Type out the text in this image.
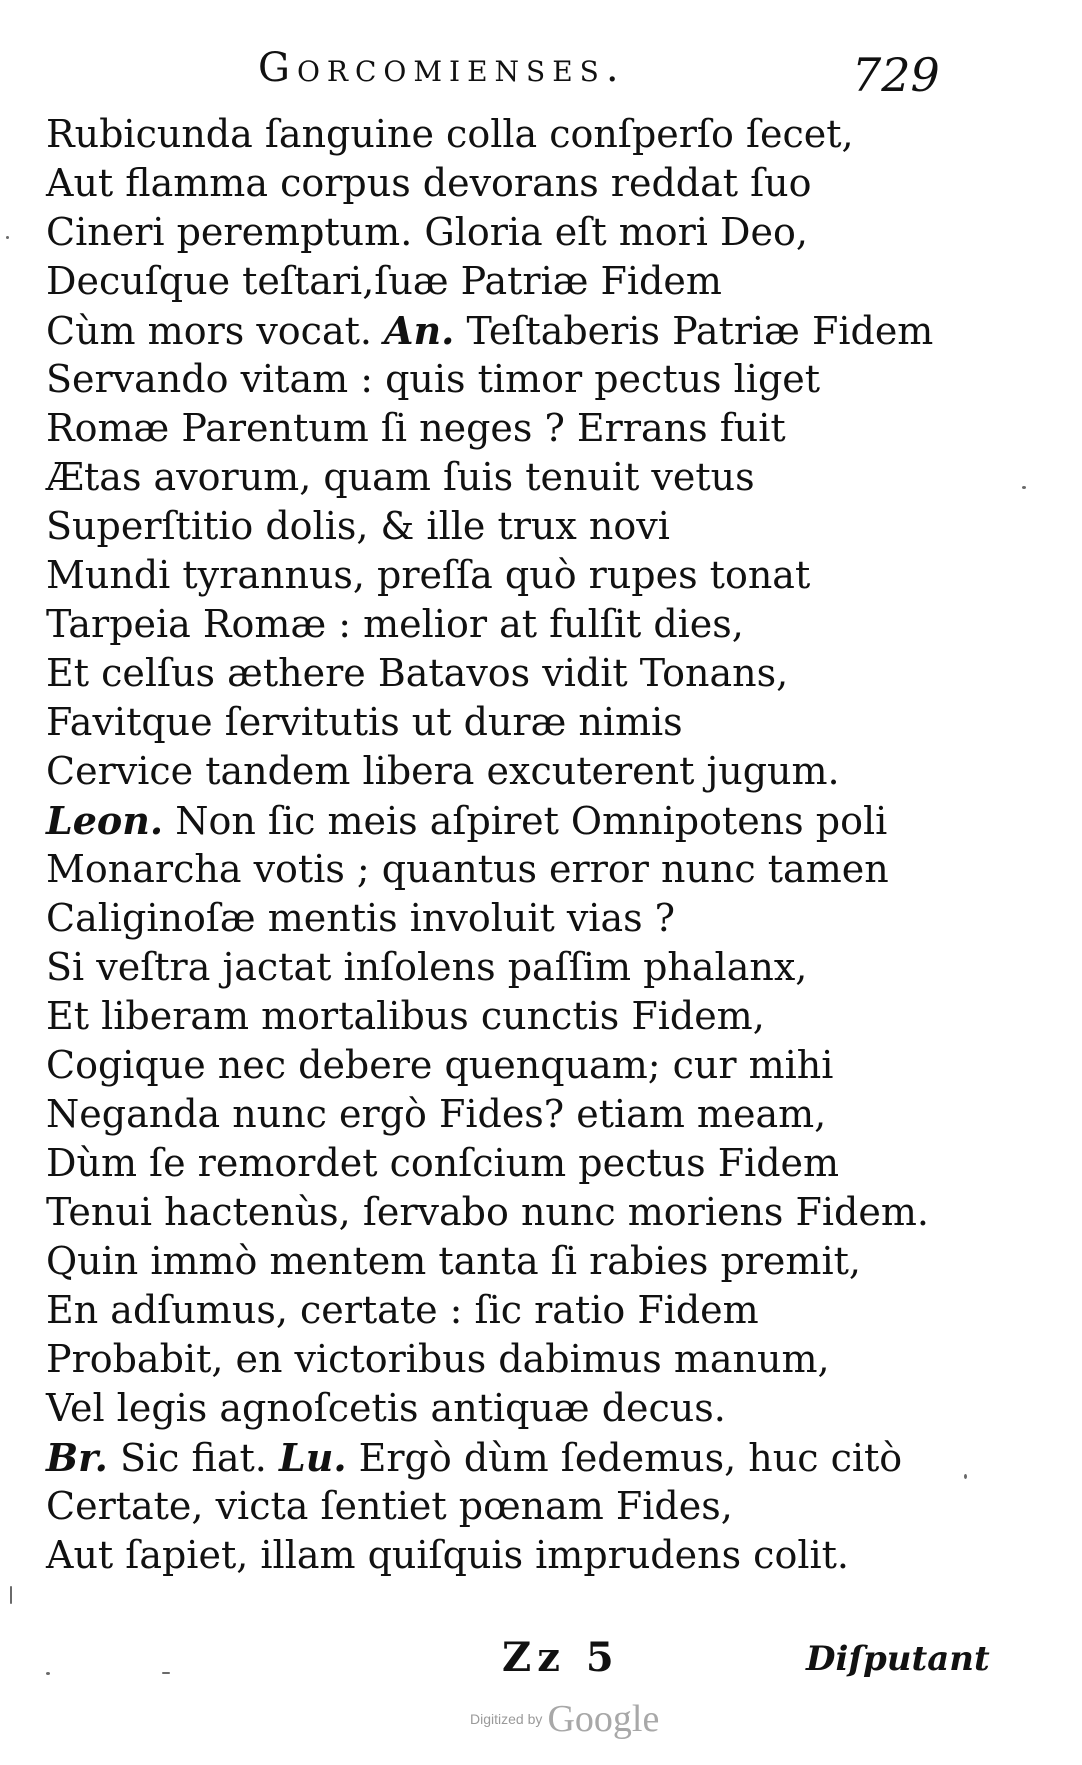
Gorcomienses.	729
Rubicunda ſanguine colla conſperſo ſecet,
Aut flamma corpus devorans reddat ſuo
Cineri peremptum. Gloria eſt mori Deo,
Decuſque teſtari,ſuæ Patriæ Fidem
Cùm mors vocat. An. Teſtaberis Patriæ Fidem
Servando vitam : quis timor pectus liget
Romæ Parentum ſi neges ? Errans fuit
Ætas avorum, quam ſuis tenuit vetus
Superſtitio dolis, & ille trux novi
Mundi tyrannus, preſſa quò rupes tonat
Tarpeia Romæ : melior at fulſit dies,
Et celſus æthere Batavos vidit Tonans,
Favitque ſervitutis ut duræ nimis
Cervice tandem libera excuterent jugum.
Leon. Non ſic meis aſpiret Omnipotens poli
Monarcha votis ; quantus error nunc tamen
Caliginoſæ mentis involuit vias ?
Si veſtra jactat inſolens paſſim phalanx,
Et liberam mortalibus cunctis Fidem,
Cogique nec debere quenquam; cur mihi
Neganda nunc ergò Fides? etiam meam,
Dùm ſe remordet conſcium pectus Fidem
Tenui hactenùs, ſervabo nunc moriens Fidem.
Quin immò mentem tanta ſi rabies premit,
En adſumus, certate : ſic ratio Fidem
Probabit, en victoribus dabimus manum,
Vel legis agnoſcetis antiquæ decus.
Br. Sic fiat. Lu. Ergò dùm ſedemus, huc citò
Certate, victa ſentiet pœnam Fides,
Aut ſapiet, illam quiſquis imprudens colit.
Zz 5	Diſputant
Digitized by Google
